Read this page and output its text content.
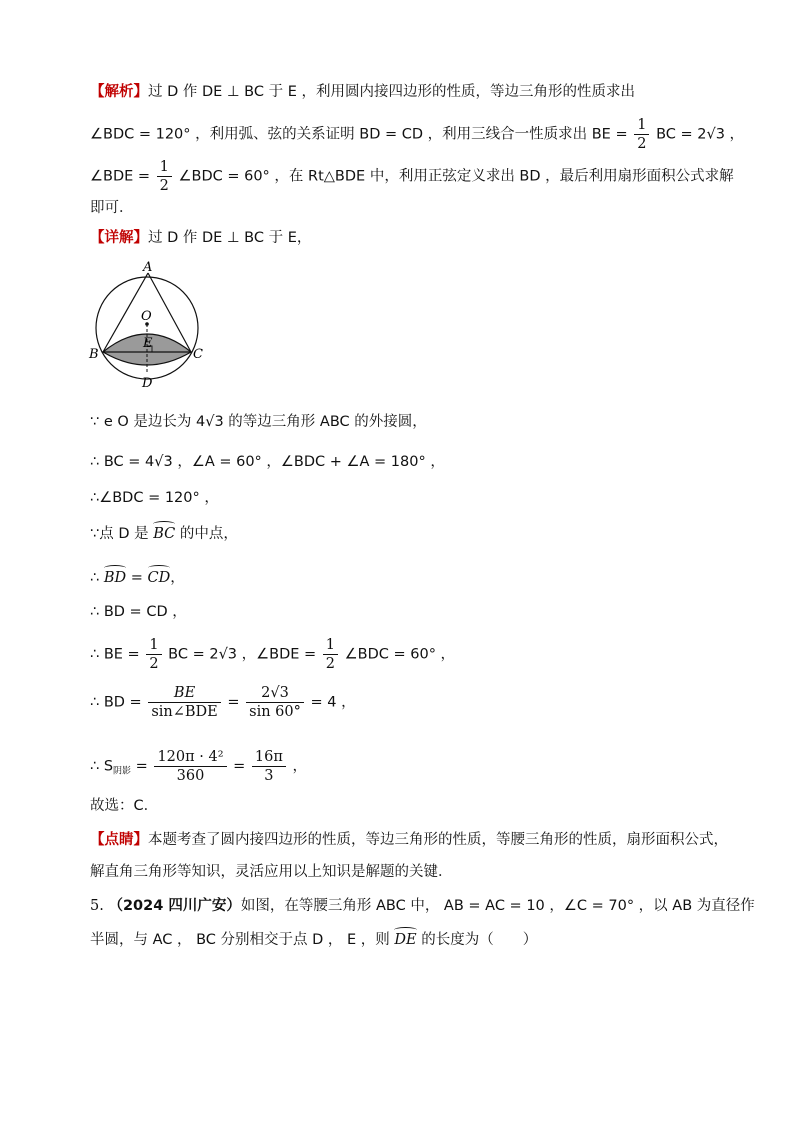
【解析】过 D 作 DE ⊥ BC 于 E ，利用圆内接四边形的性质，等边三角形的性质求出
∠BDC = 120° ，利用弧、弦的关系证明 BD = CD ，利用三线合一性质求出 BE = $\frac{1}{2}$ BC = 2√3 ，
∠BDE = $\frac{1}{2}$ ∠BDC = 60° ，在 Rt△BDE 中，利用正弦定义求出 BD ，最后利用扇形面积公式求解
即可．
【详解】过 D 作 DE ⊥ BC 于 E，
A
O
B	C
E
D
∵ e O 是边长为 4√3 的等边三角形 ABC 的外接圆，
∴ BC = 4√3 ，∠A = 60° ，∠BDC + ∠A = 180° ，
∴∠BDC = 120° ，
∵点 D 是 BC 的中点，
∴ BD = CD，
∴ BD = CD ，
∴ BE = $\frac{1}{2}$ BC = 2√3 ，∠BDE = $\frac{1}{2}$ ∠BDC = 60° ，
∴ BD = $\frac{BE}{\text{sin∠BDE}} = \frac{2√3}{\sin 60^\circ} = 4$ ，
∴ $S_{阴影} = \frac{\text{120π · 4²}}{360} = \frac{16\pi}{3}$ ，
故选：C．
【点睛】本题考查了圆内接四边形的性质，等边三角形的性质，等腰三角形的性质，扇形面积公式，
解直角三角形等知识，灵活应用以上知识是解题的关键．
5. （2024 四川广安）如图，在等腰三角形 ABC 中， AB = AC = 10 ，∠C = 70° ，以 AB 为直径作
半圆，与 AC ， BC 分别相交于点 D ， E ，则 DE 的长度为（　　）
